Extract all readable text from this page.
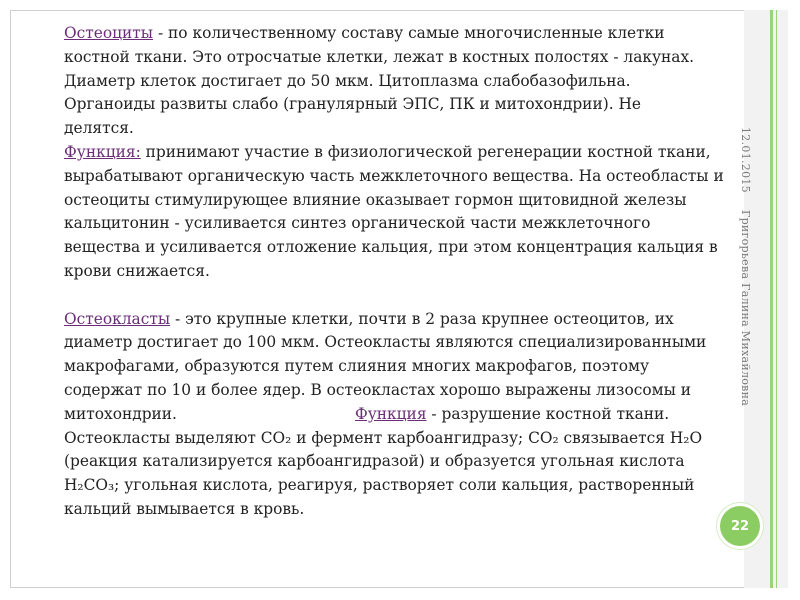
Остеоциты - по количественному составу самые многочисленные клетки
костной ткани. Это отросчатые клетки, лежат в костных полостях - лакунах.
Диаметр клеток достигает до 50 мкм. Цитоплазма слабобазофильна.
Органоиды развиты слабо (гранулярный ЭПС, ПК и митохондрии). Не
делятся.
Функция: принимают участие в физиологической регенерации костной ткани,
вырабатывают органическую часть межклеточного вещества. На остеобласты и
остеоциты стимулирующее влияние оказывает гормон щитовидной железы
кальцитонин - усиливается синтез органической части межклеточного
вещества и усиливается отложение кальция, при этом концентрация кальция в
крови снижается.

Остеокласты - это крупные клетки, почти в 2 раза крупнее остеоцитов, их
диаметр достигает до 100 мкм. Остеокласты являются специализированными
макрофагами, образуются путем слияния многих макрофагов, поэтому
содержат по 10 и более ядер. В остеокластах хорошо выражены лизосомы и
митохондрии.	Функция - разрушение костной ткани.
Остеокласты выделяют CO₂ и фермент карбоангидразу; CO₂ связывается H₂O
(реакция катализируется карбоангидразой) и образуется угольная кислота
H₂CO₃; угольная кислота, реагируя, растворяет соли кальция, растворенный
кальций вымывается в кровь.

12.01.2015
Григорьева Галина Михайловна
22
